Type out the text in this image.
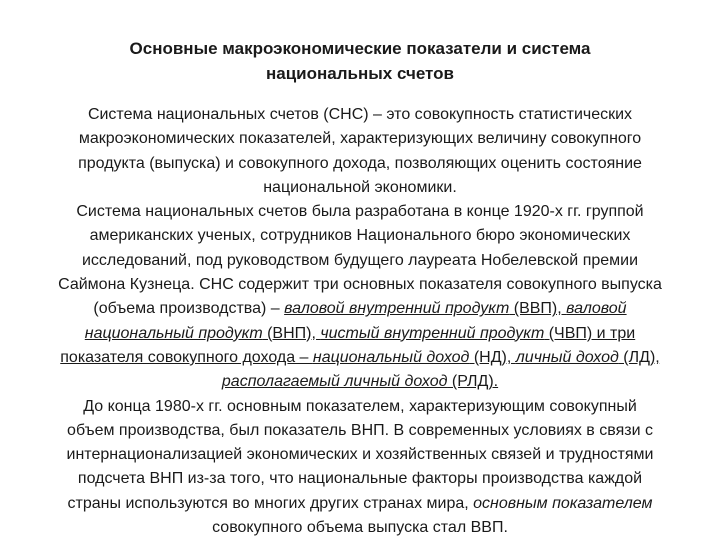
Основные макроэкономические показатели и система
национальных счетов
Система национальных счетов (СНС) – это совокупность статистических
макроэкономических показателей, характеризующих величину совокупного
продукта (выпуска) и совокупного дохода, позволяющих оценить состояние
национальной экономики.
Система национальных счетов была разработана в конце 1920-х гг. группой
американских ученых, сотрудников Национального бюро экономических
исследований, под руководством будущего лауреата Нобелевской премии
Саймона Кузнеца. СНС содержит три основных показателя совокупного выпуска
(объема производства) – валовой внутренний продукт (ВВП), валовой
национальный продукт (ВНП), чистый внутренний продукт (ЧВП) и три
показателя совокупного дохода – национальный доход (НД), личный доход (ЛД),
располагаемый личный доход (РЛД).
До конца 1980-х гг. основным показателем, характеризующим совокупный
объем производства, был показатель ВНП. В современных условиях в связи с
интернационализацией экономических и хозяйственных связей и трудностями
подсчета ВНП из-за того, что национальные факторы производства каждой
страны используются во многих других странах мира, основным показателем
совокупного объема выпуска стал ВВП.
